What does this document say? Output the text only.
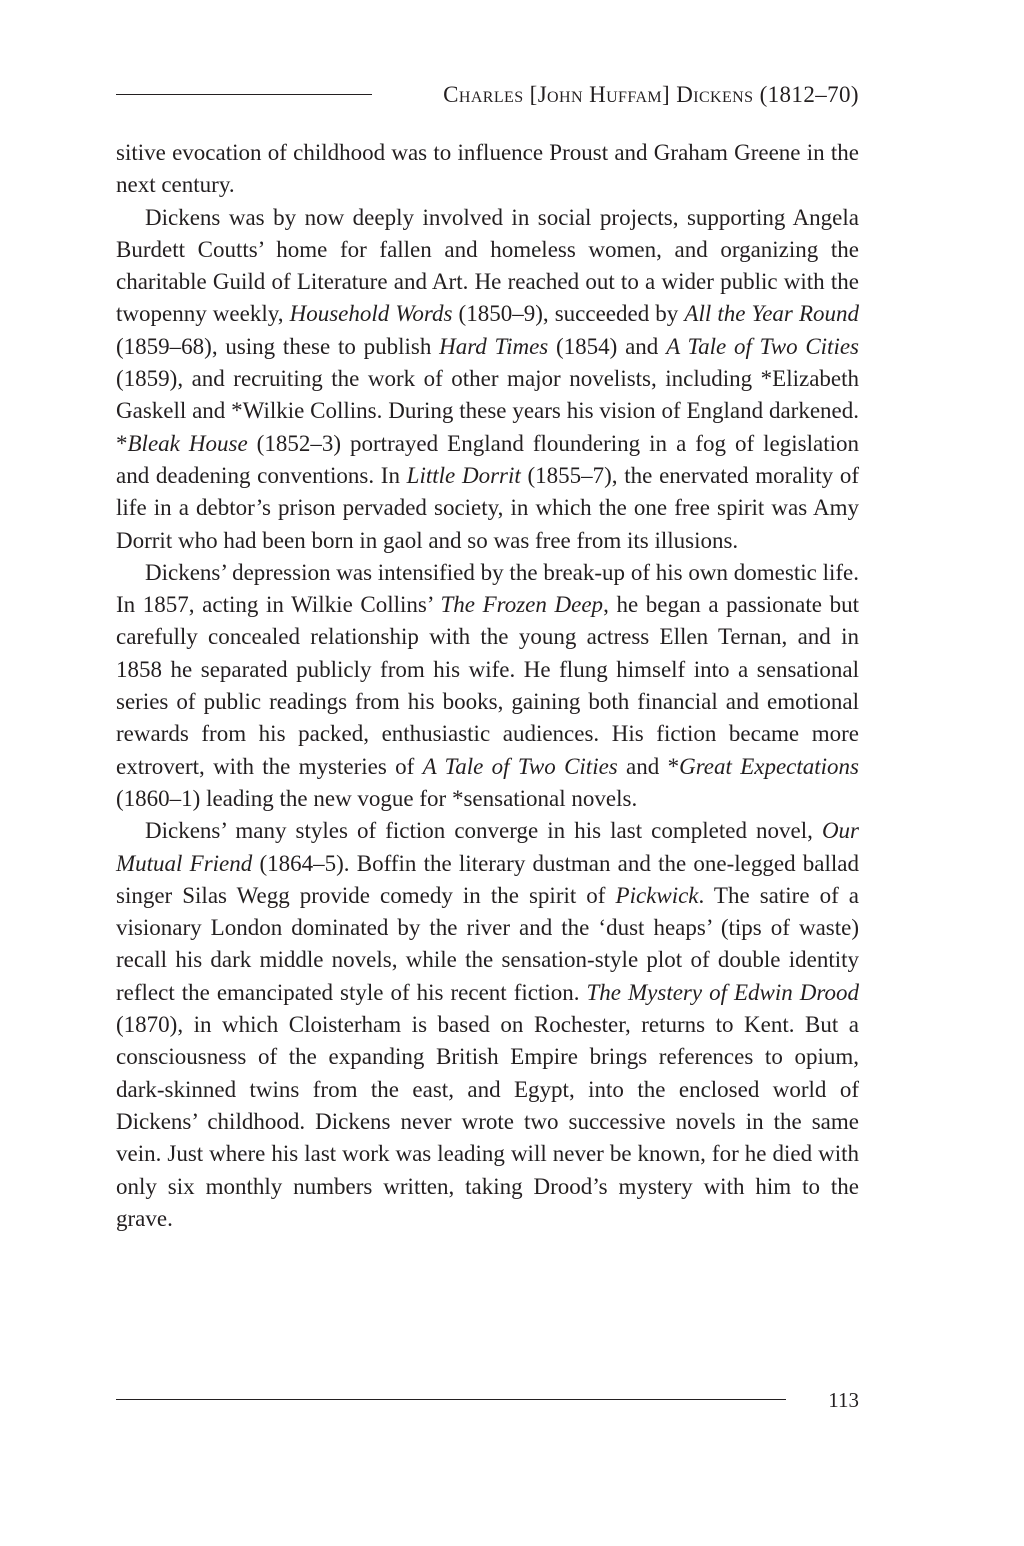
Charles [John Huffam] Dickens (1812–70)

sitive evocation of childhood was to influence Proust and Graham Greene in the next century.

Dickens was by now deeply involved in social projects, supporting Angela Burdett Coutts’ home for fallen and homeless women, and organizing the charitable Guild of Literature and Art. He reached out to a wider public with the twopenny weekly, Household Words (1850–9), succeeded by All the Year Round (1859–68), using these to publish Hard Times (1854) and A Tale of Two Cities (1859), and recruiting the work of other major novelists, including *Elizabeth Gaskell and *Wilkie Collins. During these years his vision of England darkened. *Bleak House (1852–3) portrayed England floundering in a fog of legislation and deadening conventions. In Little Dorrit (1855–7), the enervated morality of life in a debtor’s prison pervaded society, in which the one free spirit was Amy Dorrit who had been born in gaol and so was free from its illusions.

Dickens’ depression was intensified by the break-up of his own domestic life. In 1857, acting in Wilkie Collins’ The Frozen Deep, he began a passionate but carefully concealed relationship with the young actress Ellen Ternan, and in 1858 he separated publicly from his wife. He flung himself into a sensational series of public readings from his books, gaining both financial and emotional rewards from his packed, enthusiastic audiences. His fiction became more extrovert, with the mysteries of A Tale of Two Cities and *Great Expectations (1860–1) leading the new vogue for *sensational novels.

Dickens’ many styles of fiction converge in his last completed novel, Our Mutual Friend (1864–5). Boffin the literary dustman and the one-legged ballad singer Silas Wegg provide comedy in the spirit of Pickwick. The satire of a visionary London dominated by the river and the ‘dust heaps’ (tips of waste) recall his dark middle novels, while the sensation-style plot of double identity reflect the emancipated style of his recent fiction. The Mystery of Edwin Drood (1870), in which Cloisterham is based on Rochester, returns to Kent. But a consciousness of the expanding British Empire brings references to opium, dark-skinned twins from the east, and Egypt, into the enclosed world of Dickens’ childhood. Dickens never wrote two successive novels in the same vein. Just where his last work was leading will never be known, for he died with only six monthly numbers written, taking Drood’s mystery with him to the grave.

113
